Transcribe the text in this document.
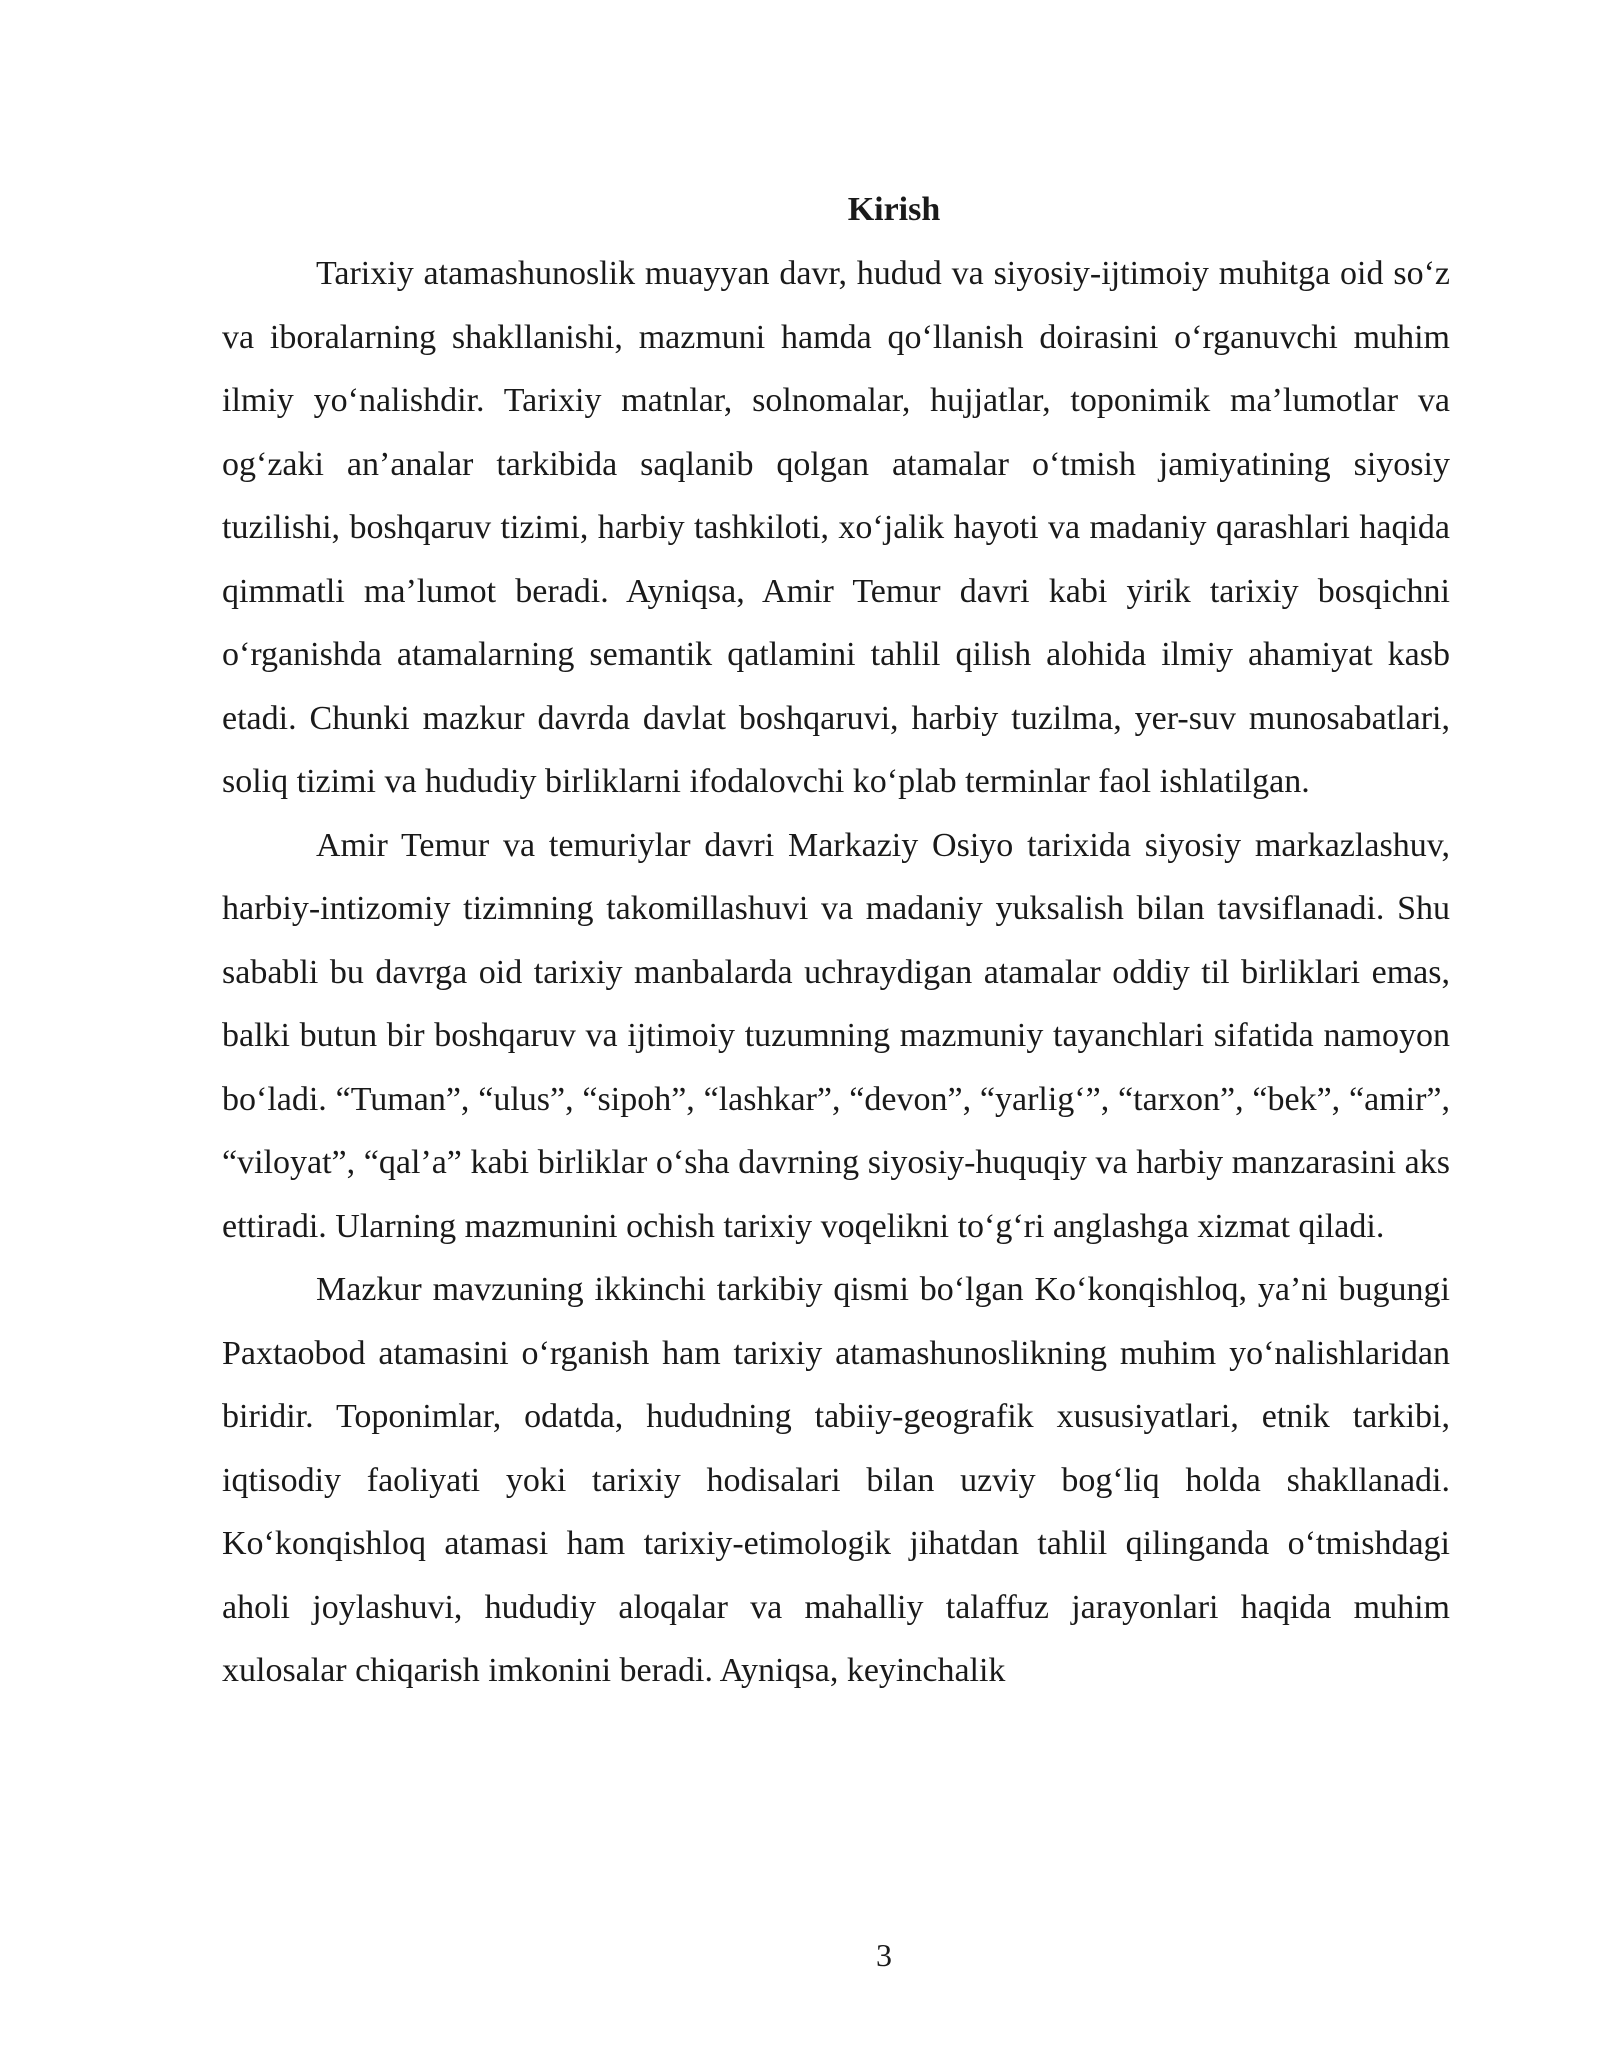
Kirish

Tarixiy atamashunoslik muayyan davr, hudud va siyosiy-ijtimoiy muhitga oid so‘z va iboralarning shakllanishi, mazmuni hamda qo‘llanish doirasini o‘rganuvchi muhim ilmiy yo‘nalishdir. Tarixiy matnlar, solnomalar, hujjatlar, toponimik ma’lumotlar va og‘zaki an’analar tarkibida saqlanib qolgan atamalar o‘tmish jamiyatining siyosiy tuzilishi, boshqaruv tizimi, harbiy tashkiloti, xo‘jalik hayoti va madaniy qarashlari haqida qimmatli ma’lumot beradi. Ayniqsa, Amir Temur davri kabi yirik tarixiy bosqichni o‘rganishda atamalarning semantik qatlamini tahlil qilish alohida ilmiy ahamiyat kasb etadi. Chunki mazkur davrda davlat boshqaruvi, harbiy tuzilma, yer-suv munosabatlari, soliq tizimi va hududiy birliklarni ifodalovchi ko‘plab terminlar faol ishlatilgan.

Amir Temur va temuriylar davri Markaziy Osiyo tarixida siyosiy markazlashuv, harbiy-intizomiy tizimning takomillashuvi va madaniy yuksalish bilan tavsiflanadi. Shu sababli bu davrga oid tarixiy manbalarda uchraydigan atamalar oddiy til birliklari emas, balki butun bir boshqaruv va ijtimoiy tuzumning mazmuniy tayanchlari sifatida namoyon bo‘ladi. “Tuman”, “ulus”, “sipoh”, “lashkar”, “devon”, “yarlig‘”, “tarxon”, “bek”, “amir”, “viloyat”, “qal’a” kabi birliklar o‘sha davrning siyosiy-huquqiy va harbiy manzarasini aks ettiradi. Ularning mazmunini ochish tarixiy voqelikni to‘g‘ri anglashga xizmat qiladi.

Mazkur mavzuning ikkinchi tarkibiy qismi bo‘lgan Ko‘konqishloq, ya’ni bugungi Paxtaobod atamasini o‘rganish ham tarixiy atamashunoslikning muhim yo‘nalishlaridan biridir. Toponimlar, odatda, hududning tabiiy-geografik xususiyatlari, etnik tarkibi, iqtisodiy faoliyati yoki tarixiy hodisalari bilan uzviy bog‘liq holda shakllanadi. Ko‘konqishloq atamasi ham tarixiy-etimologik jihatdan tahlil qilinganda o‘tmishdagi aholi joylashuvi, hududiy aloqalar va mahalliy talaffuz jarayonlari haqida muhim xulosalar chiqarish imkonini beradi. Ayniqsa, keyinchalik

3
